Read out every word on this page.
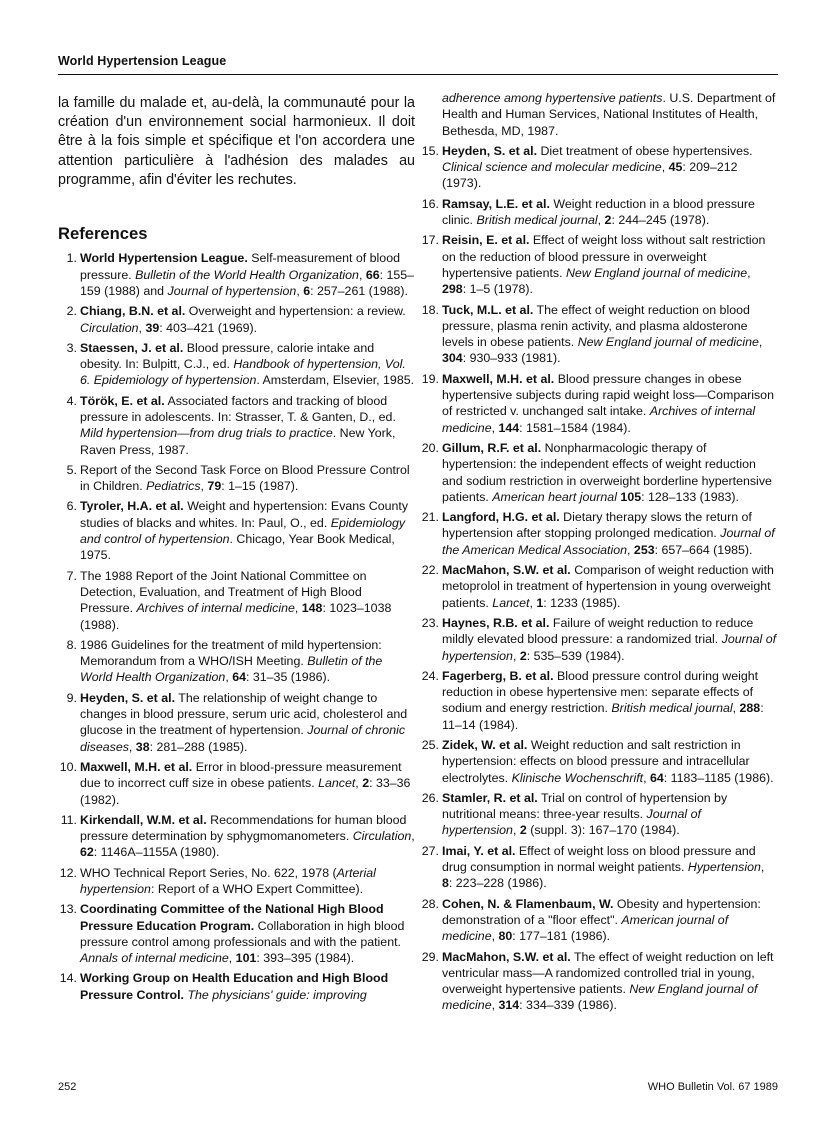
World Hypertension League

la famille du malade et, au-delà, la communauté pour la création d'un environnement social harmonieux. Il doit être à la fois simple et spécifique et l'on accordera une attention particulière à l'adhésion des malades au programme, afin d'éviter les rechutes.

References
1. World Hypertension League. Self-measurement of blood pressure. Bulletin of the World Health Organization, 66: 155–159 (1988) and Journal of hypertension, 6: 257–261 (1988).
2. Chiang, B.N. et al. Overweight and hypertension: a review. Circulation, 39: 403–421 (1969).
3. Staessen, J. et al. Blood pressure, calorie intake and obesity. In: Bulpitt, C.J., ed. Handbook of hypertension, Vol. 6. Epidemiology of hypertension. Amsterdam, Elsevier, 1985.
4. Török, E. et al. Associated factors and tracking of blood pressure in adolescents. In: Strasser, T. & Ganten, D., ed. Mild hypertension—from drug trials to practice. New York, Raven Press, 1987.
5. Report of the Second Task Force on Blood Pressure Control in Children. Pediatrics, 79: 1–15 (1987).
6. Tyroler, H.A. et al. Weight and hypertension: Evans County studies of blacks and whites. In: Paul, O., ed. Epidemiology and control of hypertension. Chicago, Year Book Medical, 1975.
7. The 1988 Report of the Joint National Committee on Detection, Evaluation, and Treatment of High Blood Pressure. Archives of internal medicine, 148: 1023–1038 (1988).
8. 1986 Guidelines for the treatment of mild hypertension: Memorandum from a WHO/ISH Meeting. Bulletin of the World Health Organization, 64: 31–35 (1986).
9. Heyden, S. et al. The relationship of weight change to changes in blood pressure, serum uric acid, cholesterol and glucose in the treatment of hypertension. Journal of chronic diseases, 38: 281–288 (1985).
10. Maxwell, M.H. et al. Error in blood-pressure measurement due to incorrect cuff size in obese patients. Lancet, 2: 33–36 (1982).
11. Kirkendall, W.M. et al. Recommendations for human blood pressure determination by sphygmomanometers. Circulation, 62: 1146A–1155A (1980).
12. WHO Technical Report Series, No. 622, 1978 (Arterial hypertension: Report of a WHO Expert Committee).
13. Coordinating Committee of the National High Blood Pressure Education Program. Collaboration in high blood pressure control among professionals and with the patient. Annals of internal medicine, 101: 393–395 (1984).
14. Working Group on Health Education and High Blood Pressure Control. The physicians' guide: improving
adherence among hypertensive patients. U.S. Department of Health and Human Services, National Institutes of Health, Bethesda, MD, 1987.
15. Heyden, S. et al. Diet treatment of obese hypertensives. Clinical science and molecular medicine, 45: 209–212 (1973).
16. Ramsay, L.E. et al. Weight reduction in a blood pressure clinic. British medical journal, 2: 244–245 (1978).
17. Reisin, E. et al. Effect of weight loss without salt restriction on the reduction of blood pressure in overweight hypertensive patients. New England journal of medicine, 298: 1–5 (1978).
18. Tuck, M.L. et al. The effect of weight reduction on blood pressure, plasma renin activity, and plasma aldosterone levels in obese patients. New England journal of medicine, 304: 930–933 (1981).
19. Maxwell, M.H. et al. Blood pressure changes in obese hypertensive subjects during rapid weight loss—Comparison of restricted v. unchanged salt intake. Archives of internal medicine, 144: 1581–1584 (1984).
20. Gillum, R.F. et al. Nonpharmacologic therapy of hypertension: the independent effects of weight reduction and sodium restriction in overweight borderline hypertensive patients. American heart journal 105: 128–133 (1983).
21. Langford, H.G. et al. Dietary therapy slows the return of hypertension after stopping prolonged medication. Journal of the American Medical Association, 253: 657–664 (1985).
22. MacMahon, S.W. et al. Comparison of weight reduction with metoprolol in treatment of hypertension in young overweight patients. Lancet, 1: 1233 (1985).
23. Haynes, R.B. et al. Failure of weight reduction to reduce mildly elevated blood pressure: a randomized trial. Journal of hypertension, 2: 535–539 (1984).
24. Fagerberg, B. et al. Blood pressure control during weight reduction in obese hypertensive men: separate effects of sodium and energy restriction. British medical journal, 288: 11–14 (1984).
25. Zidek, W. et al. Weight reduction and salt restriction in hypertension: effects on blood pressure and intracellular electrolytes. Klinische Wochenschrift, 64: 1183–1185 (1986).
26. Stamler, R. et al. Trial on control of hypertension by nutritional means: three-year results. Journal of hypertension, 2 (suppl. 3): 167–170 (1984).
27. Imai, Y. et al. Effect of weight loss on blood pressure and drug consumption in normal weight patients. Hypertension, 8: 223–228 (1986).
28. Cohen, N. & Flamenbaum, W. Obesity and hypertension: demonstration of a "floor effect". American journal of medicine, 80: 177–181 (1986).
29. MacMahon, S.W. et al. The effect of weight reduction on left ventricular mass—A randomized controlled trial in young, overweight hypertensive patients. New England journal of medicine, 314: 334–339 (1986).
252	WHO Bulletin Vol. 67 1989
